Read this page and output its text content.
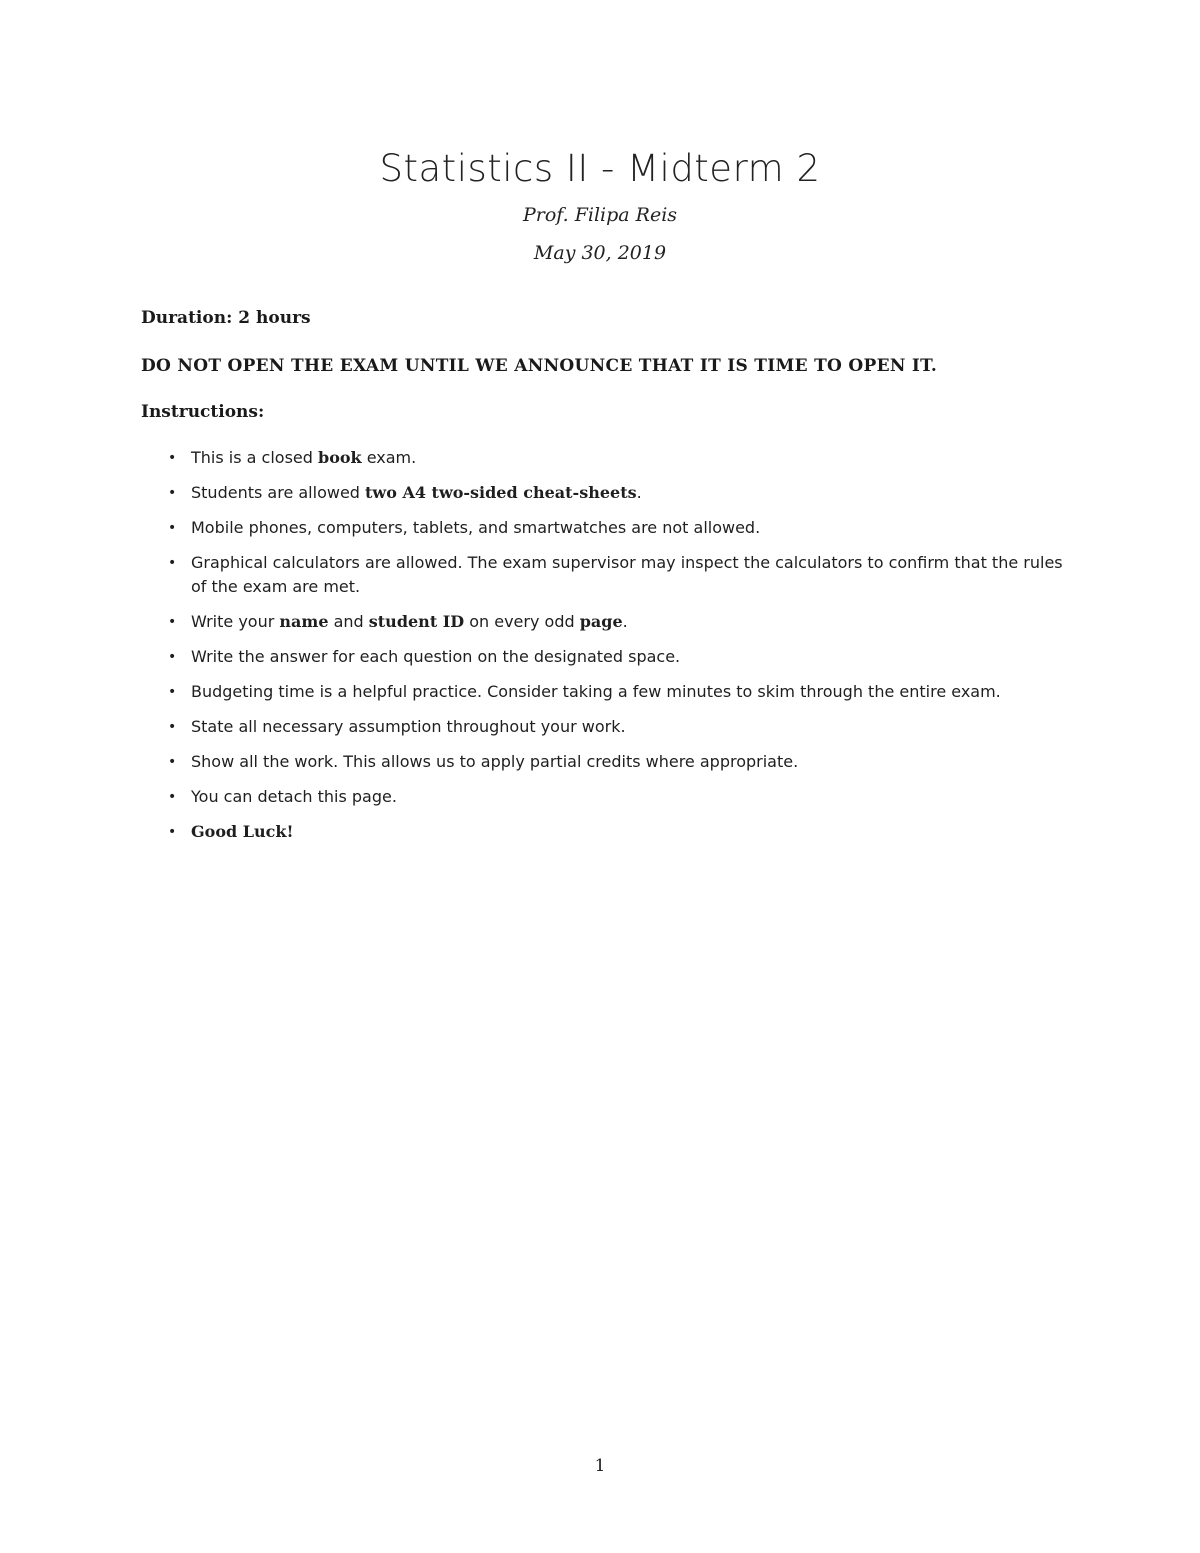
Statistics II - Midterm 2
Prof. Filipa Reis
May 30, 2019
Duration: 2 hours
DO NOT OPEN THE EXAM UNTIL WE ANNOUNCE THAT IT IS TIME TO OPEN IT.
Instructions:
• This is a closed book exam.
• Students are allowed two A4 two-sided cheat-sheets.
• Mobile phones, computers, tablets, and smartwatches are not allowed.
• Graphical calculators are allowed. The exam supervisor may inspect the calculators to confirm that the rules of the exam are met.
• Write your name and student ID on every odd page.
• Write the answer for each question on the designated space.
• Budgeting time is a helpful practice. Consider taking a few minutes to skim through the entire exam.
• State all necessary assumption throughout your work.
• Show all the work. This allows us to apply partial credits where appropriate.
• You can detach this page.
• Good Luck!
1
